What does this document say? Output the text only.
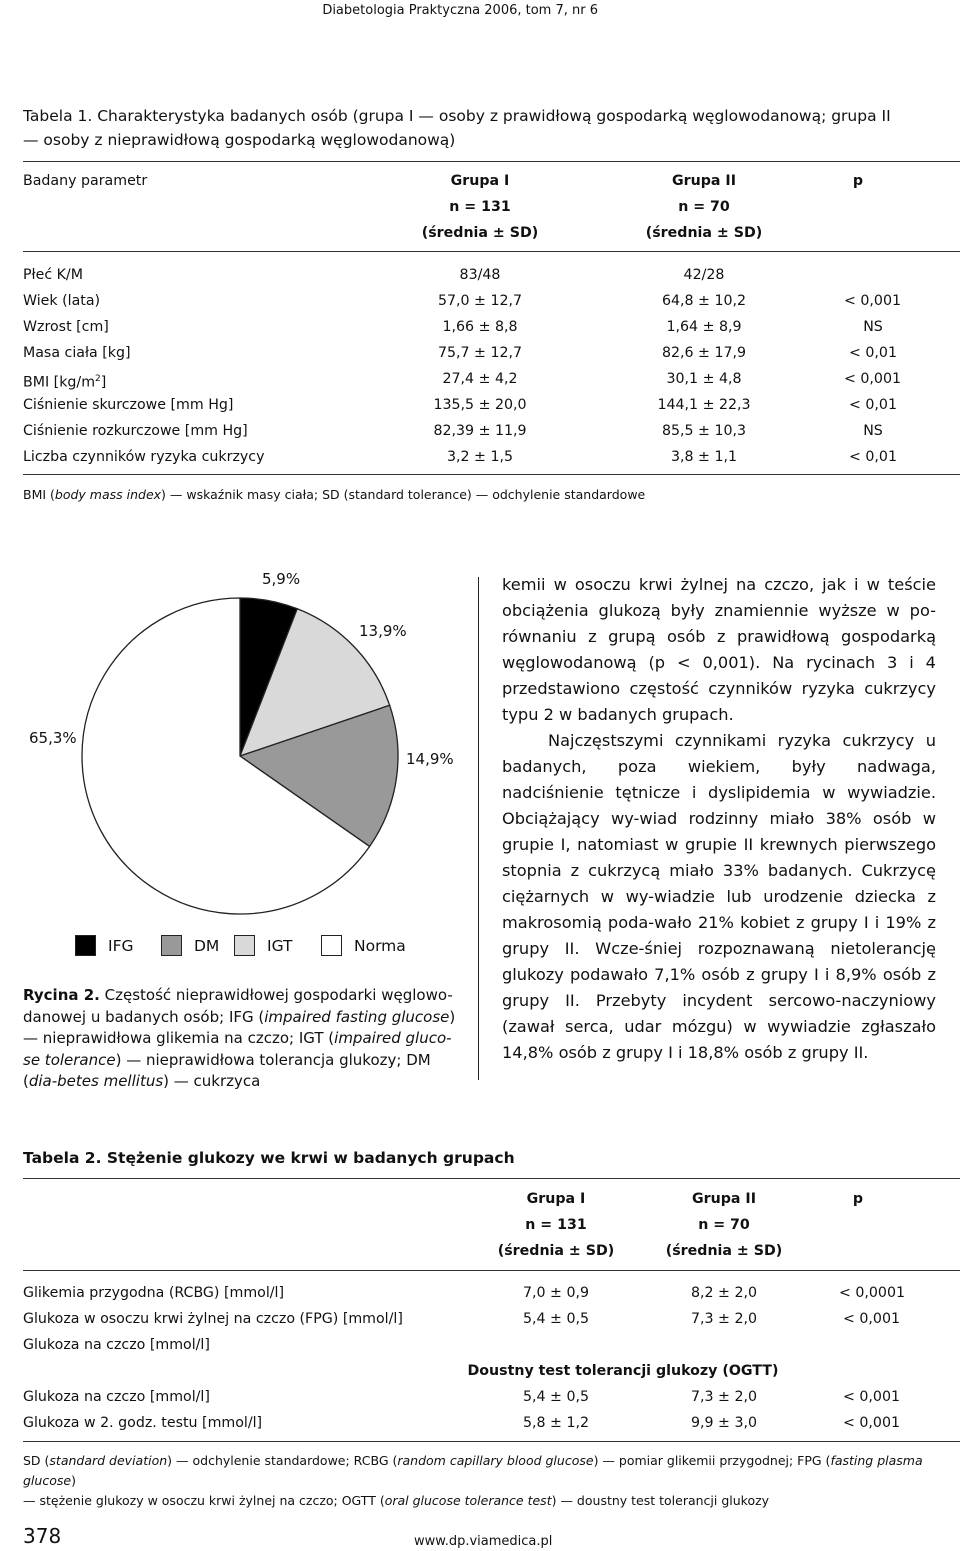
Diabetologia Praktyczna 2006, tom 7, nr 6
Tabela 1. Charakterystyka badanych osób (grupa I — osoby z prawidłową gospodarką węglowodanową; grupa II
— osoby z nieprawidłową gospodarką węglowodanową)
Badany parametr	Grupa I	Grupa II	p
n = 131	n = 70
(średnia ± SD)	(średnia ± SD)
Płeć K/M	83/48	42/28
Wiek (lata)	57,0 ± 12,7	64,8 ± 10,2	< 0,001
Wzrost [cm]	1,66 ± 8,8	1,64 ± 8,9	NS
Masa ciała [kg]	75,7 ± 12,7	82,6 ± 17,9	< 0,01
BMI $[kg/m^2]$	27,4 ± 4,2	30,1 ± 4,8	< 0,001
Ciśnienie skurczowe [mm Hg]	135,5 ± 20,0	144,1 ± 22,3	< 0,01
Ciśnienie rozkurczowe [mm Hg]	82,39 ± 11,9	85,5 ± 10,3	NS
Liczba czynników ryzyka cukrzycy	3,2 ± 1,5	3,8 ± 1,1	< 0,01
BMI (body mass index) — wskaźnik masy ciała; SD (standard tolerance) — odchylenie standardowe
5,9%
13,9%
14,9%
65,3%
IFG	DM	IGT	Norma
Rycina 2. Częstość nieprawidłowej gospodarki węglowo-danowej u badanych osób; IFG (impaired fasting glucose) — nieprawidłowa glikemia na czczo; IGT (impaired gluco-se tolerance) — nieprawidłowa tolerancja glukozy; DM (dia-betes mellitus) — cukrzyca

kemii w osoczu krwi żylnej na czczo, jak i w teście obciążenia glukozą były znamiennie wyższe w po-równaniu z grupą osób z prawidłową gospodarką węglowodanową (p < 0,001). Na rycinach 3 i 4 przedstawiono częstość czynników ryzyka cukrzycy typu 2 w badanych grupach.

Najczęstszymi czynnikami ryzyka cukrzycy u badanych, poza wiekiem, były nadwaga, nadciśnienie tętnicze i dyslipidemia w wywiadzie. Obciążający wy-wiad rodzinny miało 38% osób w grupie I, natomiast w grupie II krewnych pierwszego stopnia z cukrzycą miało 33% badanych. Cukrzycę ciężarnych w wy-wiadzie lub urodzenie dziecka z makrosomią poda-wało 21% kobiet z grupy I i 19% z grupy II. Wcze-śniej rozpoznawaną nietolerancję glukozy podawało 7,1% osób z grupy I i 8,9% osób z grupy II. Przebyty incydent sercowo-naczyniowy (zawał serca, udar mózgu) w wywiadzie zgłaszało 14,8% osób z grupy I i 18,8% osób z grupy II.

Tabela 2. Stężenie glukozy we krwi w badanych grupach
Grupa I	Grupa II	p
n = 131	n = 70
(średnia ± SD)	(średnia ± SD)
Glikemia przygodna (RCBG) [mmol/l]	7,0 ± 0,9	8,2 ± 2,0	< 0,0001
Glukoza w osoczu krwi żylnej na czczo (FPG) [mmol/l]	5,4 ± 0,5	7,3 ± 2,0	< 0,001
Glukoza na czczo [mmol/l]
Doustny test tolerancji glukozy (OGTT)
Glukoza na czczo [mmol/l]	5,4 ± 0,5	7,3 ± 2,0	< 0,001
Glukoza w 2. godz. testu [mmol/l]	5,8 ± 1,2	9,9 ± 3,0	< 0,001
SD (standard deviation) — odchylenie standardowe; RCBG (random capillary blood glucose) — pomiar glikemii przygodnej; FPG (fasting plasma glucose)
— stężenie glukozy w osoczu krwi żylnej na czczo; OGTT (oral glucose tolerance test) — doustny test tolerancji glukozy
378	www.dp.viamedica.pl
